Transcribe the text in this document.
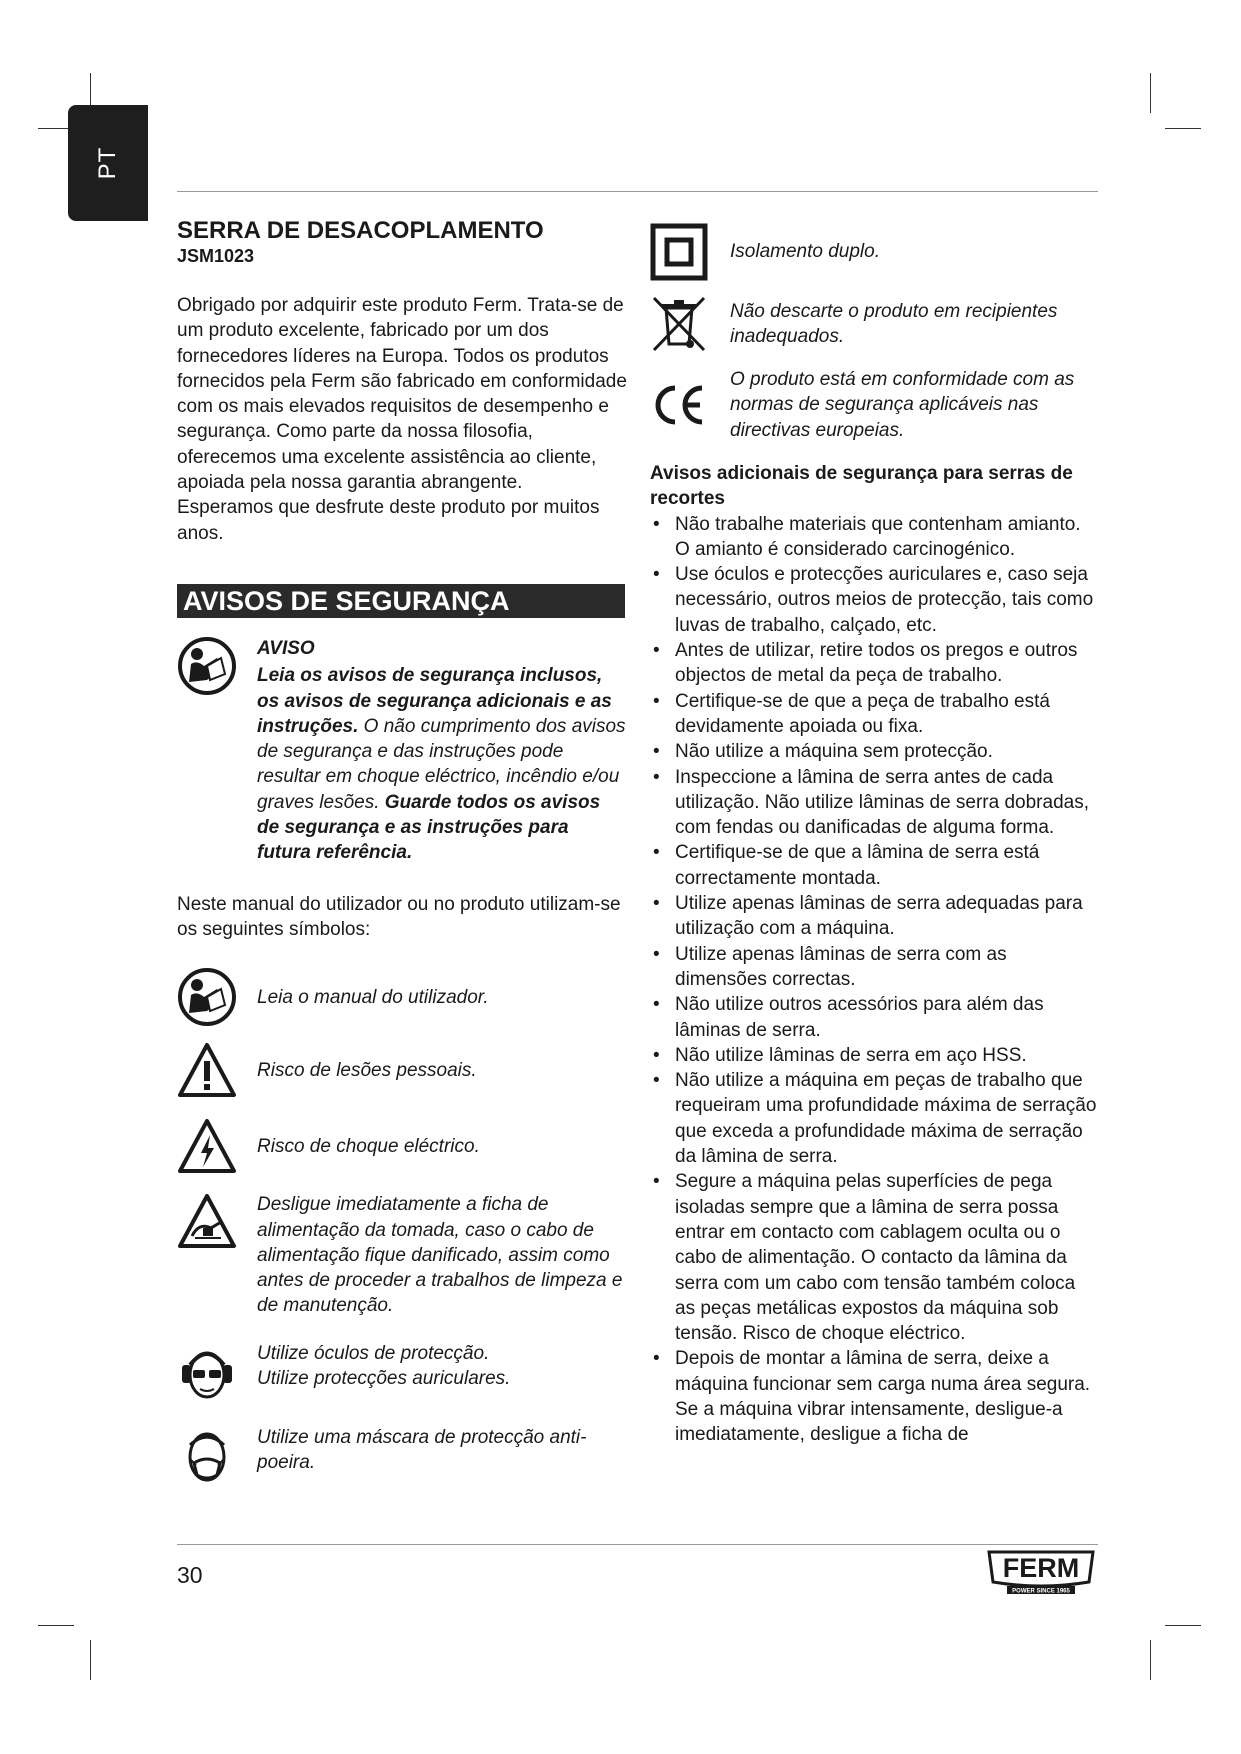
PT
SERRA DE DESACOPLAMENTO
JSM1023

Obrigado por adquirir este produto Ferm. Trata-se de um produto excelente, fabricado por um dos fornecedores líderes na Europa. Todos os produtos fornecidos pela Ferm são fabricado em conformidade com os mais elevados requisitos de desempenho e segurança. Como parte da nossa filosofia, oferecemos uma excelente assistência ao cliente, apoiada pela nossa garantia abrangente.

Esperamos que desfrute deste produto por muitos anos.

AVISOS DE SEGURANÇA
AVISO
Leia os avisos de segurança inclusos, os avisos de segurança adicionais e as instruções. O não cumprimento dos avisos de segurança e das instruções pode resultar em choque eléctrico, incêndio e/ou graves lesões. Guarde todos os avisos de segurança e as instruções para futura referência.
Neste manual do utilizador ou no produto utilizam-se os seguintes símbolos:
Leia o manual do utilizador.
Risco de lesões pessoais.
Risco de choque eléctrico.
Desligue imediatamente a ficha de alimentação da tomada, caso o cabo de alimentação fique danificado, assim como antes de proceder a trabalhos de limpeza e de manutenção.
Utilize óculos de protecção.
Utilize protecções auriculares.
Utilize uma máscara de protecção anti-poeira.
Isolamento duplo.
Não descarte o produto em recipientes inadequados.
O produto está em conformidade com as normas de segurança aplicáveis nas directivas europeias.
Avisos adicionais de segurança para serras de recortes
• Não trabalhe materiais que contenham amianto. O amianto é considerado carcinogénico.
• Use óculos e protecções auriculares e, caso seja necessário, outros meios de protecção, tais como luvas de trabalho, calçado, etc.
• Antes de utilizar, retire todos os pregos e outros objectos de metal da peça de trabalho.
• Certifique-se de que a peça de trabalho está devidamente apoiada ou fixa.
• Não utilize a máquina sem protecção.
• Inspeccione a lâmina de serra antes de cada utilização. Não utilize lâminas de serra dobradas, com fendas ou danificadas de alguma forma.
• Certifique-se de que a lâmina de serra está correctamente montada.
• Utilize apenas lâminas de serra adequadas para utilização com a máquina.
• Utilize apenas lâminas de serra com as dimensões correctas.
• Não utilize outros acessórios para além das lâminas de serra.
• Não utilize lâminas de serra em aço HSS.
• Não utilize a máquina em peças de trabalho que requeiram uma profundidade máxima de serração que exceda a profundidade máxima de serração da lâmina de serra.
• Segure a máquina pelas superfícies de pega isoladas sempre que a lâmina de serra possa entrar em contacto com cablagem oculta ou o cabo de alimentação. O contacto da lâmina da serra com um cabo com tensão também coloca as peças metálicas expostos da máquina sob tensão. Risco de choque eléctrico.
• Depois de montar a lâmina de serra, deixe a máquina funcionar sem carga numa área segura. Se a máquina vibrar intensamente, desligue-a imediatamente, desligue a ficha de
30	FERM
POWER SINCE 1965
